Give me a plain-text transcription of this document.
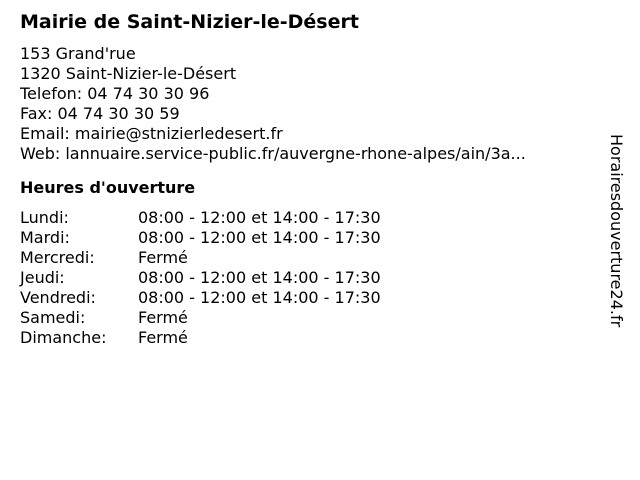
Mairie de Saint-Nizier-le-Désert
153 Grand'rue
1320 Saint-Nizier-le-Désert
Telefon: 04 74 30 30 96
Fax: 04 74 30 30 59
Email: mairie@stnizierledesert.fr
Web: lannuaire.service-public.fr/auvergne-rhone-alpes/ain/3a...
Heures d'ouverture
Lundi:	08:00 - 12:00 et 14:00 - 17:30
Mardi:	08:00 - 12:00 et 14:00 - 17:30
Mercredi:	Fermé
Jeudi:	08:00 - 12:00 et 14:00 - 17:30
Vendredi:	08:00 - 12:00 et 14:00 - 17:30
Samedi:	Fermé
Dimanche:	Fermé
Horairesdouverture24.fr
